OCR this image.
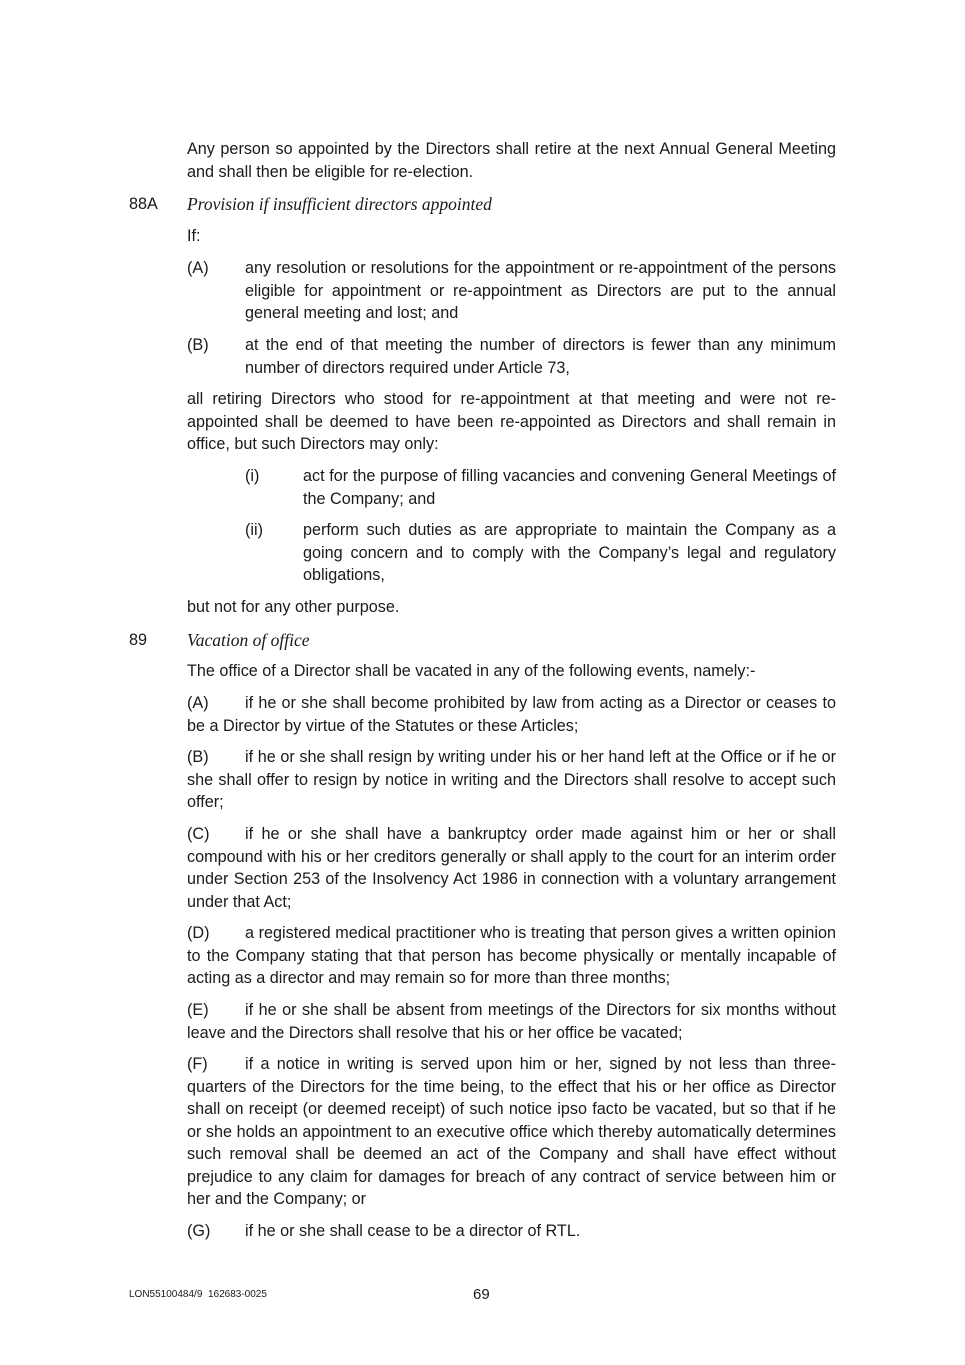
Any person so appointed by the Directors shall retire at the next Annual General Meeting and shall then be eligible for re-election.

88A Provision if insufficient directors appointed
If:
(A) any resolution or resolutions for the appointment or re-appointment of the persons eligible for appointment or re-appointment as Directors are put to the annual general meeting and lost; and

(B) at the end of that meeting the number of directors is fewer than any minimum number of directors required under Article 73,

all retiring Directors who stood for re-appointment at that meeting and were not re-appointed shall be deemed to have been re-appointed as Directors and shall remain in office, but such Directors may only:

(i)	act for the purpose of filling vacancies and convening General Meetings of the Company; and

(ii) perform such duties as are appropriate to maintain the Company as a going concern and to comply with the Company’s legal and regulatory obligations,

but not for any other purpose.
89 Vacation of office
The office of a Director shall be vacated in any of the following events, namely:-

(A) if he or she shall become prohibited by law from acting as a Director or ceases to be a Director by virtue of the Statutes or these Articles;

(B) if he or she shall resign by writing under his or her hand left at the Office or if he or she shall offer to resign by notice in writing and the Directors shall resolve to accept such offer;

(C) if he or she shall have a bankruptcy order made against him or her or shall compound with his or her creditors generally or shall apply to the court for an interim order under Section 253 of the Insolvency Act 1986 in connection with a voluntary arrangement under that Act;

(D) a registered medical practitioner who is treating that person gives a written opinion to the Company stating that that person has become physically or mentally incapable of acting as a director and may remain so for more than three months;

(E) if he or she shall be absent from meetings of the Directors for six months without leave and the Directors shall resolve that his or her office be vacated;

(F) if a notice in writing is served upon him or her, signed by not less than three-quarters of the Directors for the time being, to the effect that his or her office as Director shall on receipt (or deemed receipt) of such notice ipso facto be vacated, but so that if he or she holds an appointment to an executive office which thereby automatically determines such removal shall be deemed an act of the Company and shall have effect without prejudice to any claim for damages for breach of any contract of service between him or her and the Company; or

(G) if he or she shall cease to be a director of RTL.

LON55100484/9  162683-0025	69
